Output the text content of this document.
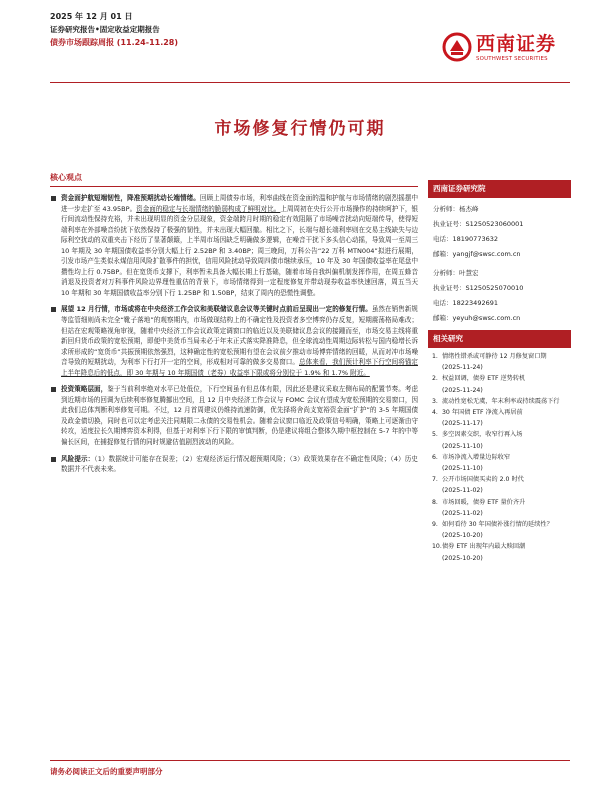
2025 年 12 月 01 日
证券研究报告•固定收益定期报告
债券市场跟踪周报 (11.24-11.28)	西南证券
SOUTHWEST SECURITIES
市场修复行情仍可期
核心观点
资金面护航短端韧性，降准预期扰动长端情绪。回顾上周债券市场，利率曲线在资金面的温和护航与市场情绪的剧烈摇摆中进一步走扩至 43.95BP。资金面的稳定与长端情绪的脆弱构成了鲜明对比。上周周初在央行公开市场操作的持续呵护下，银行间流动性保持充裕，并未出现明显的资金分层现象，资金端跨月时期的稳定有效阻隔了市场噪音扰动向短端传导，使得短端利率在外部噪音纷扰下依然保持了极强的韧性，并未出现大幅回撤。相比之下，长端与超长端利率则在交易主线缺失与边际利空扰动的双重夹击下经历了显著颠簸，上半周市场因缺乏明确做多逻辑，在噪音干扰下多头信心动摇，导致周一至周三 10 年期及 30 年期国债收益率分别大幅上行 2.52BP 和 3.40BP；周三晚间，万科公告“22 万科 MTN004”拟进行展期，引发市场产生类似永煤信用风险扩散事件的担忧，信用风险扰动导致周四债市继续承压，10 年及 30 年国债收益率在尾盘中攒性均上行 0.75BP。但在宽货币支撑下，利率暂未具备大幅长期上行基础，随着市场自我纠偏机制发挥作用，在周五蜂音消退及投资者对万科事件风险边界理性重估的背景下，市场情绪得到一定程度修复并带动现券收益率快速回落，周五当天 10 年期和 30 年期国债收益率分别下行 1.25BP 和 1.50BP，结束了周内的恐慌性调整。
展望 12 月行情，市场或将在中央经济工作会议和美联储议息会议等关键时点前后呈现出一定的修复行情。虽然在销售新规等监管细则尚未完全“靴子落地”的观察期内，市场做现结构上的不确定性及投资者多空博弈仍存反复，短期震荡格局难改；但站在宏观策略视角审视，随着中央经济工作会议政策定调窗口的临近以及美联储议息会议的接踵而至，市场交易主线将重新回归货币政策的宽松预期，即便中美货币当局未必于年末正式落实降准降息，但全球流动性周期边际转松与国内稳增长诉求所形成的“宽货币”共振预期依然强烈，这种确定性的宽松预期有望在会议前夕推动市场博弈情绪的回暖，从而对冲市场噪音导致的短期扰动，为利率下行打开一定的空间，形成相对可靠的做多交易窗口。总体来看，我们预计利率下行空间将锚定上半年降息后的低点，即 30 年期与 10 年期国债（老券）收益率下限或将分别位于 1.9% 和 1.7% 附近。
投资策略层面，鉴于当前利率绝对水平已处低位，下行空间虽有但总体有限，因此还是建议采取左侧布局的配置节奏。考虑到近期市场的回调为后续利率修复腾挪出空间，且 12 月中央经济工作会议与 FOMC 会议有望成为宽松预期的交易窗口，因此我们总体判断利率修复可期。不过，12 月首周建议仍维持流速防御，优先择将舍尚支宽裕资金面“扩护”的 3-5 年期国债及政金债切换，同时也可以定考虑关注同期限二永债的交易性机会。随着会议窗口临近及政策信号明确，策略上可逐渐由守转攻，适度拉长久期博弈资本利得，但基于对利率下行下限的审慎判断，仍是建议将组合整体久期中枢控制在 5-7 年的中等偏长区间，在捕捉修复行情的同时规避估值剧烈波动的风险。
风险提示：（1）数据统计可能存在误差；（2）宏观经济运行情况超预期风险；（3）政策效果存在不确定性风险；（4）历史数据并不代表未来。
西南证券研究院
分析师：杨杰峰
执业证号：S1250523060001
电话：18190773632
邮箱：yangjf@swsc.com.cn
分析师：叶慧宏
执业证号：S1250525070010
电话：18223492691
邮箱：yeyuh@swsc.com.cn
相关研究
1. 情绪性错杀或可静待 12 月修复窗口期
(2025-11-24)
2. 权益回调，债券 ETF 逆势转机
(2025-11-24)
3. 流动性宽松无虞，年末利率或持续震荡下行
4. 30 年国债 ETF 净流入再居前
(2025-11-17)
5. 多空因素交织，收窄行再入场
(2025-11-10)
6. 市场净流入增量边际收窄
(2025-11-10)
7. 公开市场国债买卖的 2.0 时代
(2025-11-02)
8. 市场回暖，债券 ETF 量价齐升
(2025-11-02)
9. 如何看待 30 年国债补涨行情的延续性？
(2025-10-20)
10. 债券 ETF 出现年内最大赎回潮
(2025-10-20)
请务必阅读正文后的重要声明部分
